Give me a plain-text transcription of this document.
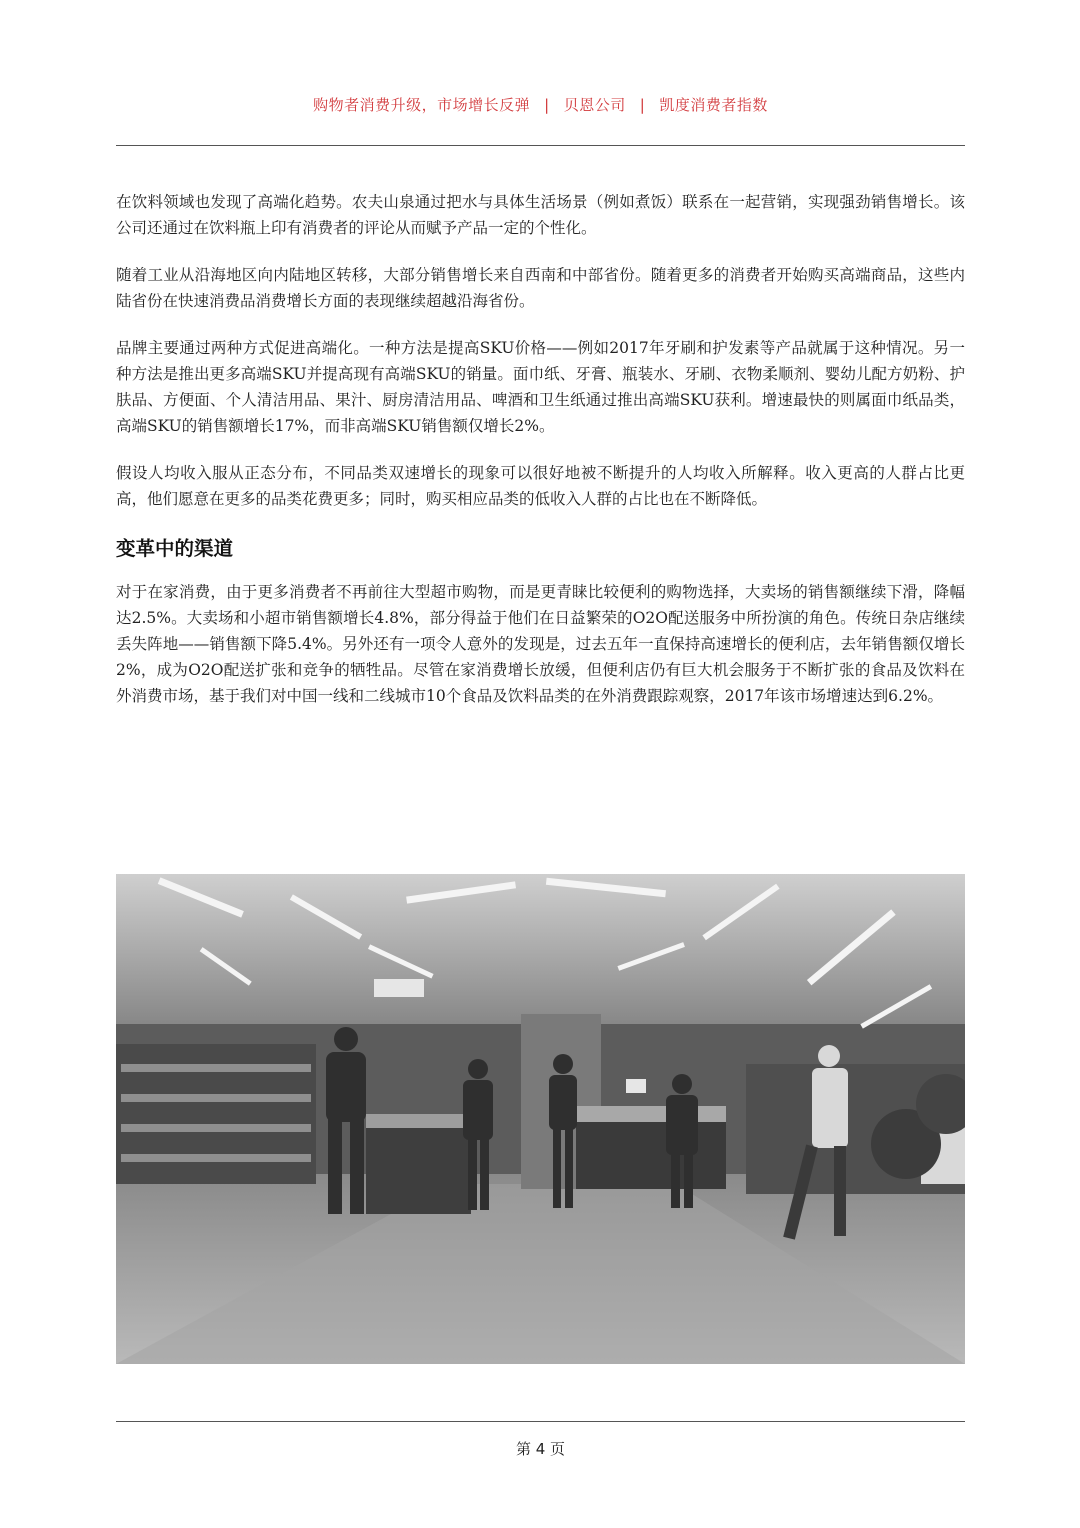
购物者消费升级，市场增长反弹 | 贝恩公司 | 凯度消费者指数

在饮料领域也发现了高端化趋势。农夫山泉通过把水与具体生活场景（例如煮饭）联系在一起营销，实现强劲销售增长。该公司还通过在饮料瓶上印有消费者的评论从而赋予产品一定的个性化。

随着工业从沿海地区向内陆地区转移，大部分销售增长来自西南和中部省份。随着更多的消费者开始购买高端商品，这些内陆省份在快速消费品消费增长方面的表现继续超越沿海省份。

品牌主要通过两种方式促进高端化。一种方法是提高SKU价格——例如2017年牙刷和护发素等产品就属于这种情况。另一种方法是推出更多高端SKU并提高现有高端SKU的销量。面巾纸、牙膏、瓶装水、牙刷、衣物柔顺剂、婴幼儿配方奶粉、护肤品、方便面、个人清洁用品、果汁、厨房清洁用品、啤酒和卫生纸通过推出高端SKU获利。增速最快的则属面巾纸品类，高端SKU的销售额增长17%，而非高端SKU销售额仅增长2%。

假设人均收入服从正态分布，不同品类双速增长的现象可以很好地被不断提升的人均收入所解释。收入更高的人群占比更高，他们愿意在更多的品类花费更多；同时，购买相应品类的低收入人群的占比也在不断降低。

变革中的渠道

对于在家消费，由于更多消费者不再前往大型超市购物，而是更青睐比较便利的购物选择，大卖场的销售额继续下滑，降幅达2.5%。大卖场和小超市销售额增长4.8%，部分得益于他们在日益繁荣的O2O配送服务中所扮演的角色。传统日杂店继续丢失阵地——销售额下降5.4%。另外还有一项令人意外的发现是，过去五年一直保持高速增长的便利店，去年销售额仅增长2%，成为O2O配送扩张和竞争的牺牲品。尽管在家消费增长放缓，但便利店仍有巨大机会服务于不断扩张的食品及饮料在外消费市场，基于我们对中国一线和二线城市10个食品及饮料品类的在外消费跟踪观察，2017年该市场增速达到6.2%。

第 4 页
